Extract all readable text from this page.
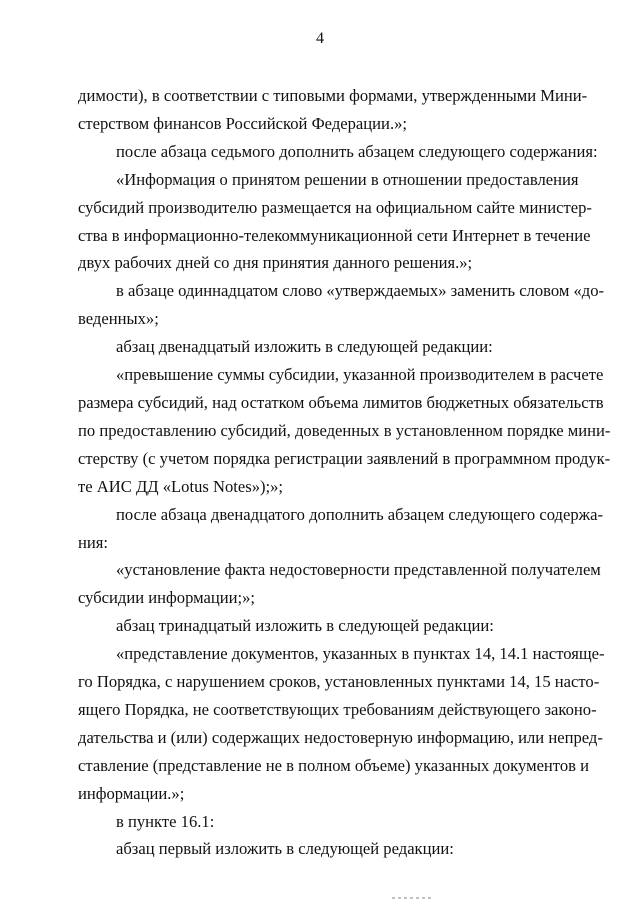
4
димости), в соответствии с типовыми формами, утвержденными Мини-
стерством финансов Российской Федерации.»;
после абзаца седьмого дополнить абзацем следующего содержания:
«Информация о принятом решении в отношении предоставления
субсидий производителю размещается на официальном сайте министер-
ства в информационно-телекоммуникационной сети Интернет в течение
двух рабочих дней со дня принятия данного решения.»;
в абзаце одиннадцатом слово «утверждаемых» заменить словом «до-
веденных»;
абзац двенадцатый изложить в следующей редакции:
«превышение суммы субсидии, указанной производителем в расчете
размера субсидий, над остатком объема лимитов бюджетных обязательств
по предоставлению субсидий, доведенных в установленном порядке мини-
стерству (с учетом порядка регистрации заявлений в программном продук-
те АИС ДД «Lotus Notes»);»;
после абзаца двенадцатого дополнить абзацем следующего содержа-
ния:
«установление факта недостоверности представленной получателем
субсидии информации;»;
абзац тринадцатый изложить в следующей редакции:
«представление документов, указанных в пунктах 14, 14.1 настояще-
го Порядка, с нарушением сроков, установленных пунктами 14, 15 насто-
ящего Порядка, не соответствующих требованиям действующего законо-
дательства и (или) содержащих недостоверную информацию, или непред-
ставление (представление не в полном объеме) указанных документов и
информации.»;
в пункте 16.1:
абзац первый изложить в следующей редакции:
